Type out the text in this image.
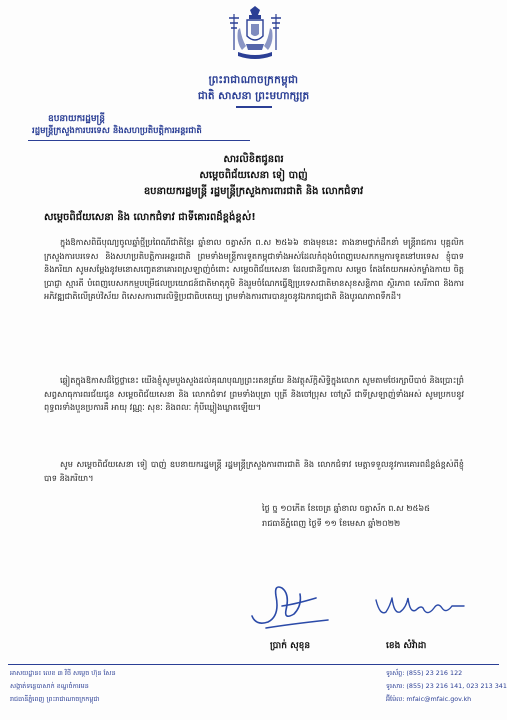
ព្រះរាជាណាចក្រកម្ពុជា
ជាតិ សាសនា ព្រះមហាក្សត្រ
ឧបនាយករដ្ឋមន្ត្រី
រដ្ឋមន្ត្រីក្រសួងការបរទេស និងសហប្រតិបត្តិការអន្តរជាតិ
សារលិខិតជូនពរ
សម្តេចពិជ័យសេនា ទៀ បាញ់
ឧបនាយករដ្ឋមន្ត្រី រដ្ឋមន្ត្រីក្រសួងការពារជាតិ និង លោកជំទាវ
សម្តេចពិជ័យសេនា និង លោកជំទាវ ជាទីគោរពដ៏ខ្ពង់ខ្ពស់!
ក្នុងឱកាសពិធីបុណ្យចូលឆ្នាំថ្មីប្រពៃណីជាតិខ្មែរ ឆ្នាំខាល ចត្វាស័ក ព.ស ២៥៦៦ ខាងមុខនេះ តាងនាមថ្នាក់ដឹកនាំ មន្ត្រីរាជការ បុគ្គលិក ក្រសួងការបរទេស និងសហប្រតិបត្តិការអន្តរជាតិ ព្រមទាំងមន្ត្រីការទូតកម្ពុជាទាំងអស់ដែលកំពុងបំពេញបេសកកម្មការទូតនៅបរទេស ខ្ញុំបាទ និងភរិយា សូមសម្តែងនូវមនោសញ្ចេតនាគោរពស្រឡាញ់ចំពោះ សម្តេចពិជ័យសេនា ដែលជានិច្ចកាល សម្តេច តែងតែយកអស់កម្លាំងកាយ ចិត្ត ប្រាជ្ញា ស្មារតី បំពេញបេសកកម្មបម្រើផលប្រយោជន៍ជាតិមាតុភូមិ និងរួមចំណែកធ្វើឱ្យប្រទេសជាតិមានសុខសន្តិភាព ស្ថិរភាព សេរីភាព និងការអភិវឌ្ឍជាតិលើគ្រប់វិស័យ ពិសេសការពារលិទ្ធិប្រជាធិបតេយ្យ ព្រមទាំងការពារបានរួចនូវឯករាជ្យជាតិ និងបូរណភាពទឹកដី។
ឆ្លៀតក្នុងឱកាសដ៏ថ្លៃថ្លានេះ យើងខ្ញុំសូមបួងសួងដល់គុណបុណ្យព្រះរតនត្រ័យ និងវត្ថុស័ក្តិសិទ្ធិក្នុងលោក សូមតាមថែរក្សាបីបាច់ និងប្រោះព្រំសព្វសាធុការពរជ័យជូន សម្តេចពិជ័យសេនា និង លោកជំទាវ ព្រមទាំងបុត្រា បុត្រី និងចៅប្រុស ចៅស្រី ជាទីស្រឡាញ់ទាំងអស់ សូមប្រកបនូវពុទ្ធពរទាំងបួនប្រការគឺ អាយុ វណ្ណៈ សុខៈ និងពលៈ កុំបីឃ្លៀងឃ្លាតឡើយ។
សូម សម្តេចពិជ័យសេនា ទៀ បាញ់ ឧបនាយករដ្ឋមន្ត្រី រដ្ឋមន្ត្រីក្រសួងការពារជាតិ និង លោកជំទាវ មេត្តាទទួលនូវការគោរពដ៏ខ្ពង់ខ្ពស់ពីខ្ញុំបាទ និងភរិយា។
ថ្ងៃ ច្ន ១០កើត ខែចេត្រ ឆ្នាំខាល ចត្វាស័ក ព.ស ២៥៦៥
រាជធានីភ្នំពេញ ថ្ងៃទី ១១ ខែមេសា ឆ្នាំ២០២២
ប្រាក់ សុខុន	ខេង សំវ៉ាដា
អាសយដ្ឋាន៖ លេខ ៣ វិថី សម្តេច ហ៊ុន សែន
សង្កាត់ទន្លេបាសាក់ ខណ្ឌចំការមន
រាជធានីភ្នំពេញ ព្រះរាជាណាចក្រកម្ពុជា
ទូរស័ព្ទ: (855) 23 216 122
ទូរសារ: (855) 23 216 141, 023 213 341
អ៊ីម៉ែល: mfaic@mfaic.gov.kh
